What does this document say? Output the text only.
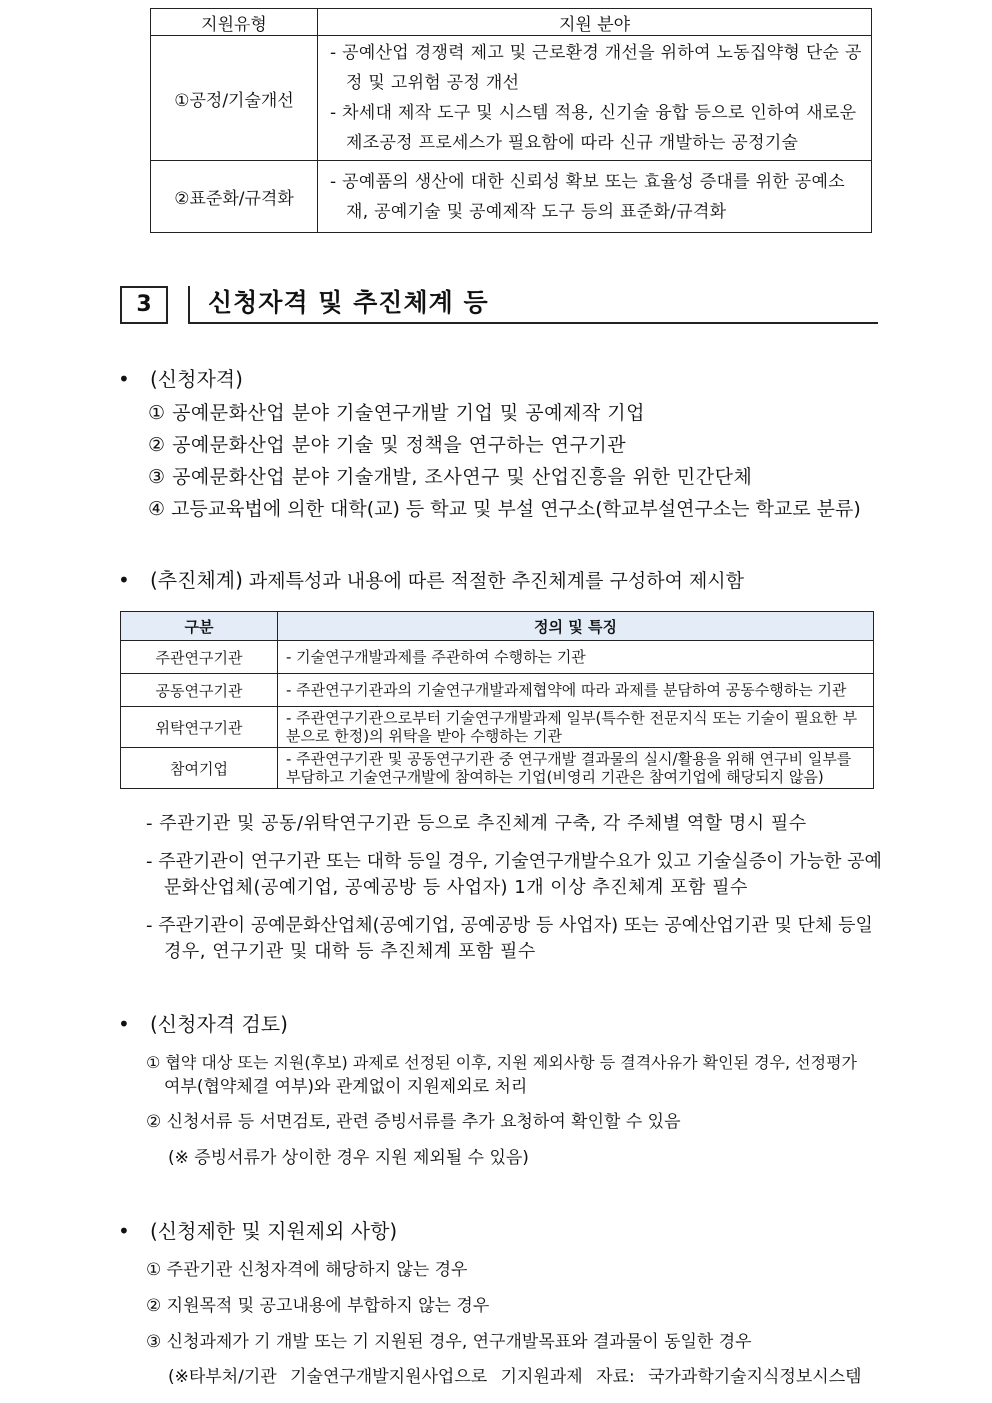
지원유형	지원 분야
①공정/기술개선	- 공예산업 경쟁력 제고 및 근로환경 개선을 위하여 노동집약형 단순 공정 및 고위험 공정 개선
- 차세대 제작 도구 및 시스템 적용, 신기술 융합 등으로 인하여 새로운 제조공정 프로세스가 필요함에 따라 신규 개발하는 공정기술

②표준화/규격화	- 공예품의 생산에 대한 신뢰성 확보 또는 효율성 증대를 위한 공예소재, 공예기술 및 공예제작 도구 등의 표준화/규격화
3	신청자격 및 추진체계 등
• (신청자격)
① 공예문화산업 분야 기술연구개발 기업 및 공예제작 기업
② 공예문화산업 분야 기술 및 정책을 연구하는 연구기관
③ 공예문화산업 분야 기술개발, 조사연구 및 산업진흥을 위한 민간단체
④ 고등교육법에 의한 대학(교) 등 학교 및 부설 연구소(학교부설연구소는 학교로 분류)
• (추진체계) 과제특성과 내용에 따른 적절한 추진체계를 구성하여 제시함
구분	정의 및 특징
주관연구기관	- 기술연구개발과제를 주관하여 수행하는 기관
공동연구기관	- 주관연구기관과의 기술연구개발과제협약에 따라 과제를 분담하여 공동수행하는 기관
위탁연구기관	- 주관연구기관으로부터 기술연구개발과제 일부(특수한 전문지식 또는 기술이 필요한 부분으로 한정)의 위탁을 받아 수행하는 기관
참여기업	- 주관연구기관 및 공동연구기관 중 연구개발 결과물의 실시/활용을 위해 연구비 일부를 부담하고 기술연구개발에 참여하는 기업(비영리 기관은 참여기업에 해당되지 않음)
- 주관기관 및 공동/위탁연구기관 등으로 추진체계 구축, 각 주체별 역할 명시 필수
- 주관기관이 연구기관 또는 대학 등일 경우, 기술연구개발수요가 있고 기술실증이 가능한 공예
문화산업체(공예기업, 공예공방 등 사업자) 1개 이상 추진체계 포함 필수
- 주관기관이 공예문화산업체(공예기업, 공예공방 등 사업자) 또는 공예산업기관 및 단체 등일
경우, 연구기관 및 대학 등 추진체계 포함 필수
• (신청자격 검토)
① 협약 대상 또는 지원(후보) 과제로 선정된 이후, 지원 제외사항 등 결격사유가 확인된 경우, 선정평가
여부(협약체결 여부)와 관계없이 지원제외로 처리
② 신청서류 등 서면검토, 관련 증빙서류를 추가 요청하여 확인할 수 있음
(※ 증빙서류가 상이한 경우 지원 제외될 수 있음)
• (신청제한 및 지원제외 사항)
① 주관기관 신청자격에 해당하지 않는 경우
② 지원목적 및 공고내용에 부합하지 않는 경우
③ 신청과제가 기 개발 또는 기 지원된 경우, 연구개발목표와 결과물이 동일한 경우
(※타부처/기관 기술연구개발지원사업으로 기지원과제 자료: 국가과학기술지식정보시스템
